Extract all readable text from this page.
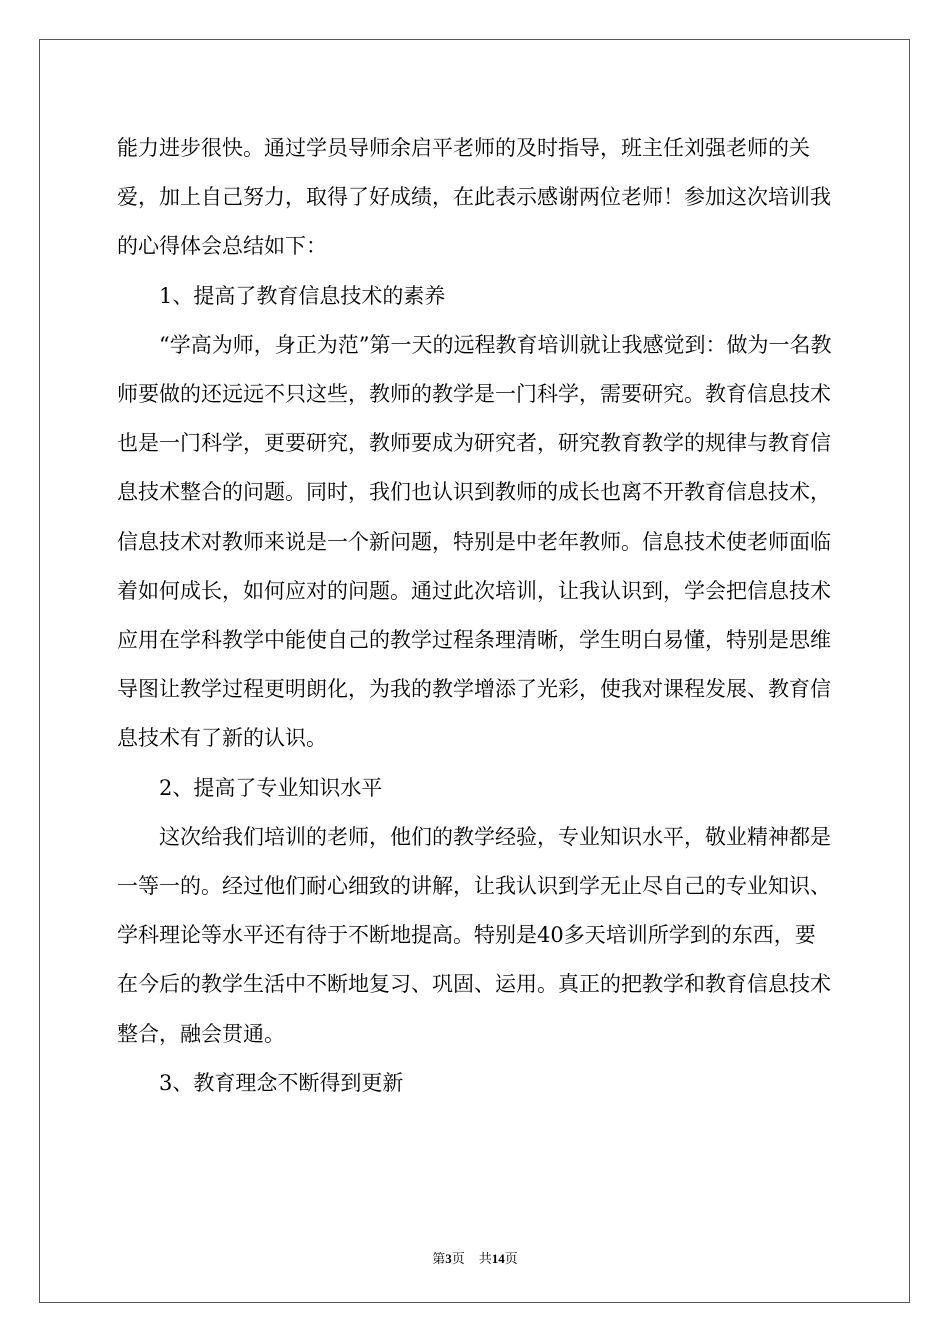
能力进步很快。通过学员导师余启平老师的及时指导，班主任刘强老师的关爱，加上自己努力，取得了好成绩，在此表示感谢两位老师！参加这次培训我的心得体会总结如下：

1、提高了教育信息技术的素养

“学高为师，身正为范”第一天的远程教育培训就让我感觉到：做为一名教师要做的还远远不只这些，教师的教学是一门科学，需要研究。教育信息技术也是一门科学，更要研究，教师要成为研究者，研究教育教学的规律与教育信息技术整合的问题。同时，我们也认识到教师的成长也离不开教育信息技术，信息技术对教师来说是一个新问题，特别是中老年教师。信息技术使老师面临着如何成长，如何应对的问题。通过此次培训，让我认识到，学会把信息技术应用在学科教学中能使自己的教学过程条理清晰，学生明白易懂，特别是思维导图让教学过程更明朗化，为我的教学增添了光彩，使我对课程发展、教育信息技术有了新的认识。

2、提高了专业知识水平

这次给我们培训的老师，他们的教学经验，专业知识水平，敬业精神都是一等一的。经过他们耐心细致的讲解，让我认识到学无止尽自己的专业知识、学科理论等水平还有待于不断地提高。特别是40多天培训所学到的东西，要在今后的教学生活中不断地复习、巩固、运用。真正的把教学和教育信息技术整合，融会贯通。

3、教育理念不断得到更新

第3页 共14页
